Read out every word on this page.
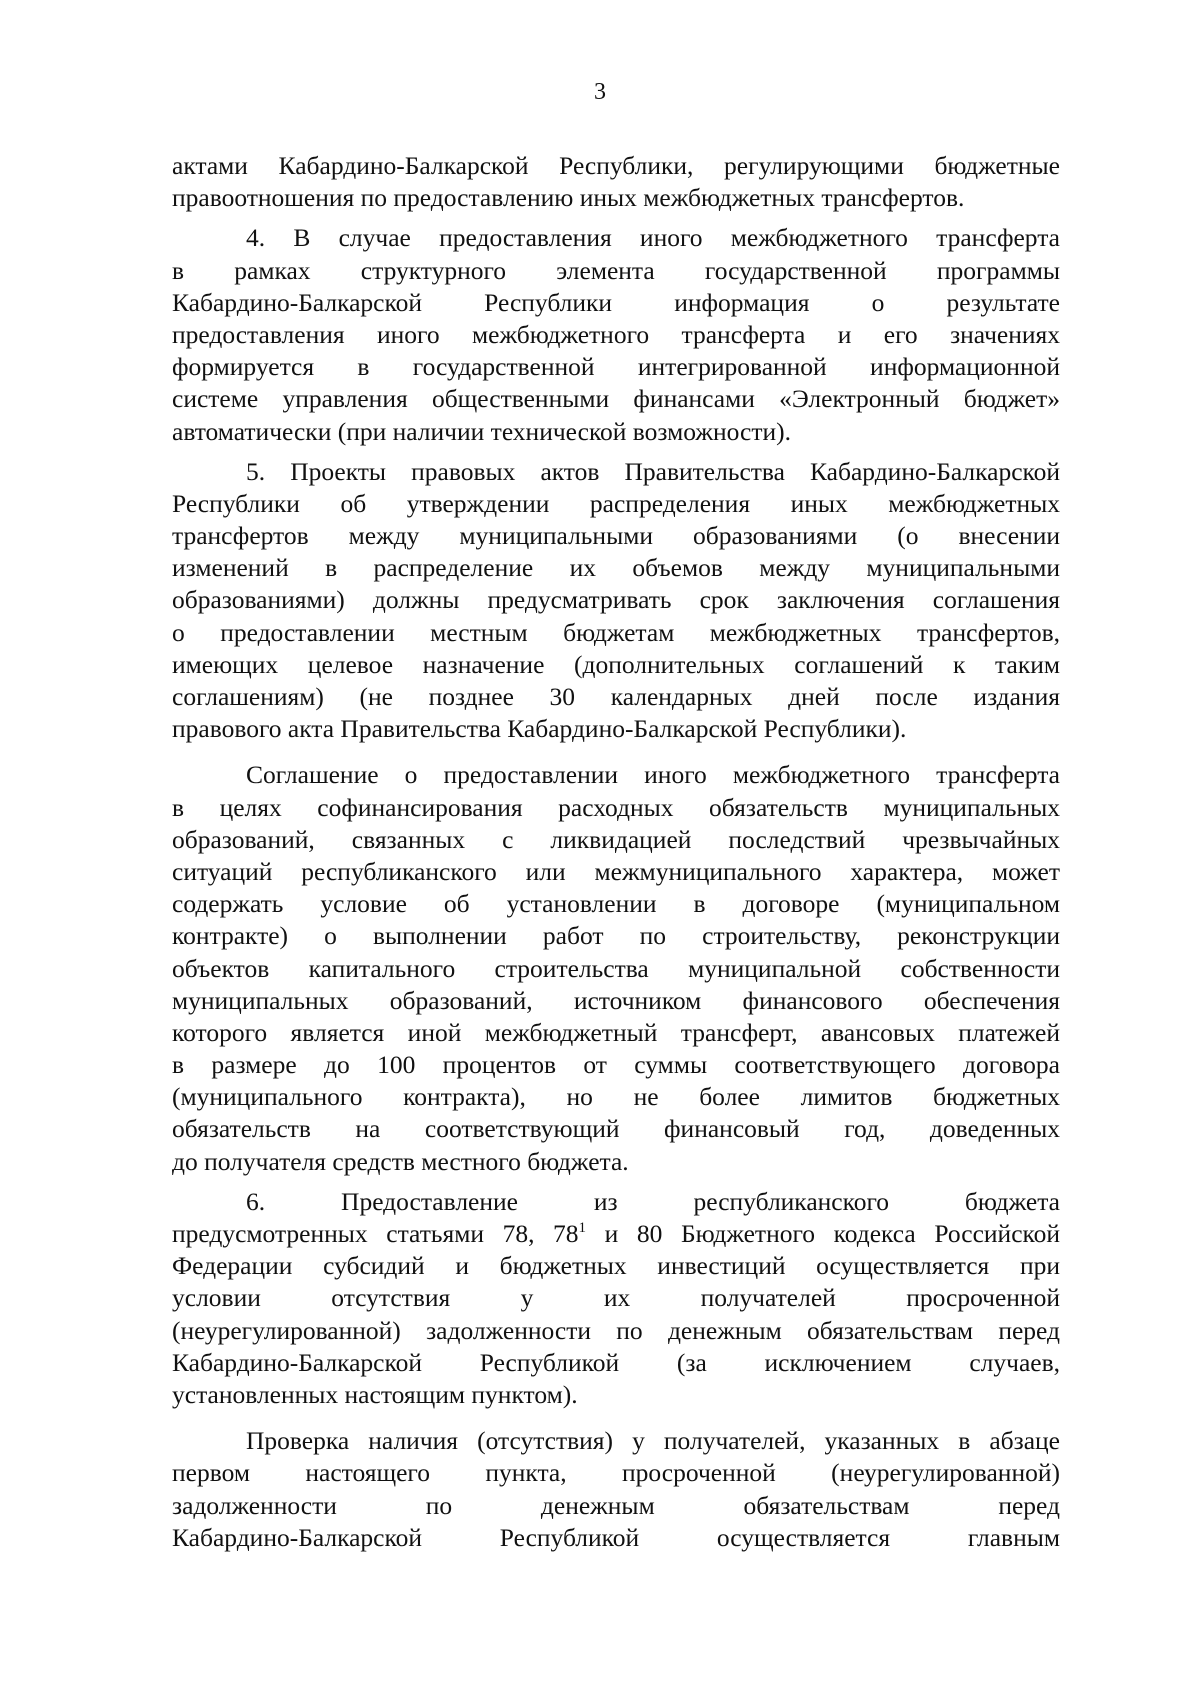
3
актами Кабардино-Балкарской Республики, регулирующими бюджетные
правоотношения по предоставлению иных межбюджетных трансфертов.
4. В случае предоставления иного межбюджетного трансферта
в рамках структурного элемента государственной программы
Кабардино-Балкарской Республики информация о результате
предоставления иного межбюджетного трансферта и его значениях
формируется в государственной интегрированной информационной
системе управления общественными финансами «Электронный бюджет»
автоматически (при наличии технической возможности).
5. Проекты правовых актов Правительства Кабардино-Балкарской
Республики об утверждении распределения иных межбюджетных
трансфертов между муниципальными образованиями (о внесении
изменений в распределение их объемов между муниципальными
образованиями) должны предусматривать срок заключения соглашения
о предоставлении местным бюджетам межбюджетных трансфертов,
имеющих целевое назначение (дополнительных соглашений к таким
соглашениям) (не позднее 30 календарных дней после издания
правового акта Правительства Кабардино-Балкарской Республики).
Соглашение о предоставлении иного межбюджетного трансферта
в целях софинансирования расходных обязательств муниципальных
образований, связанных с ликвидацией последствий чрезвычайных
ситуаций республиканского или межмуниципального характера, может
содержать условие об установлении в договоре (муниципальном
контракте) о выполнении работ по строительству, реконструкции
объектов капитального строительства муниципальной собственности
муниципальных образований, источником финансового обеспечения
которого является иной межбюджетный трансферт, авансовых платежей
в размере до 100 процентов от суммы соответствующего договора
(муниципального контракта), но не более лимитов бюджетных
обязательств на соответствующий финансовый год, доведенных
до получателя средств местного бюджета.
6. Предоставление из республиканского бюджета
предусмотренных статьями 78, $78^1$ и 80 Бюджетного кодекса Российской
Федерации субсидий и бюджетных инвестиций осуществляется при
условии отсутствия у их получателей просроченной
(неурегулированной) задолженности по денежным обязательствам перед
Кабардино-Балкарской Республикой (за исключением случаев,
установленных настоящим пунктом).
Проверка наличия (отсутствия) у получателей, указанных в абзаце
первом настоящего пункта, просроченной (неурегулированной)
задолженности по денежным обязательствам перед
Кабардино-Балкарской Республикой осуществляется главным
